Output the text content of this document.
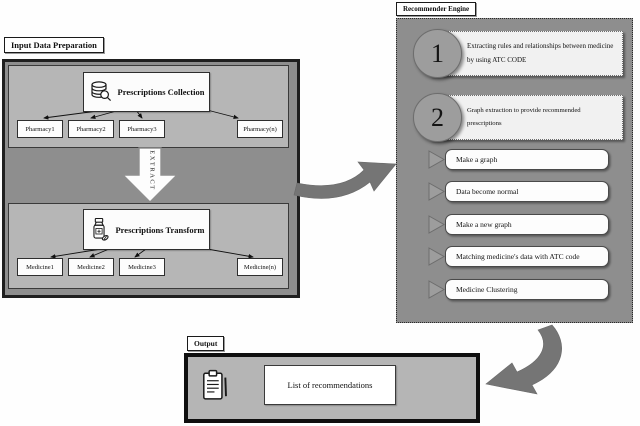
Input Data Preparation
Prescriptions Collection
Pharmacy1	Pharmacy2	Pharmacy3	Pharmacy(n)
EXTRACT
Prescriptions Transform
Medicine1	Medicine2	Medicine3	Medicine(n)
Recommender Engine
Extracting rules and relationships between medicine by using ATC CODE
1
Graph extraction to provide recommended prescriptions
2
Make a graph
Data become normal
Make a new graph
Matching medicine's data with ATC code
Medicine Clustering
Output
List of recommendations
